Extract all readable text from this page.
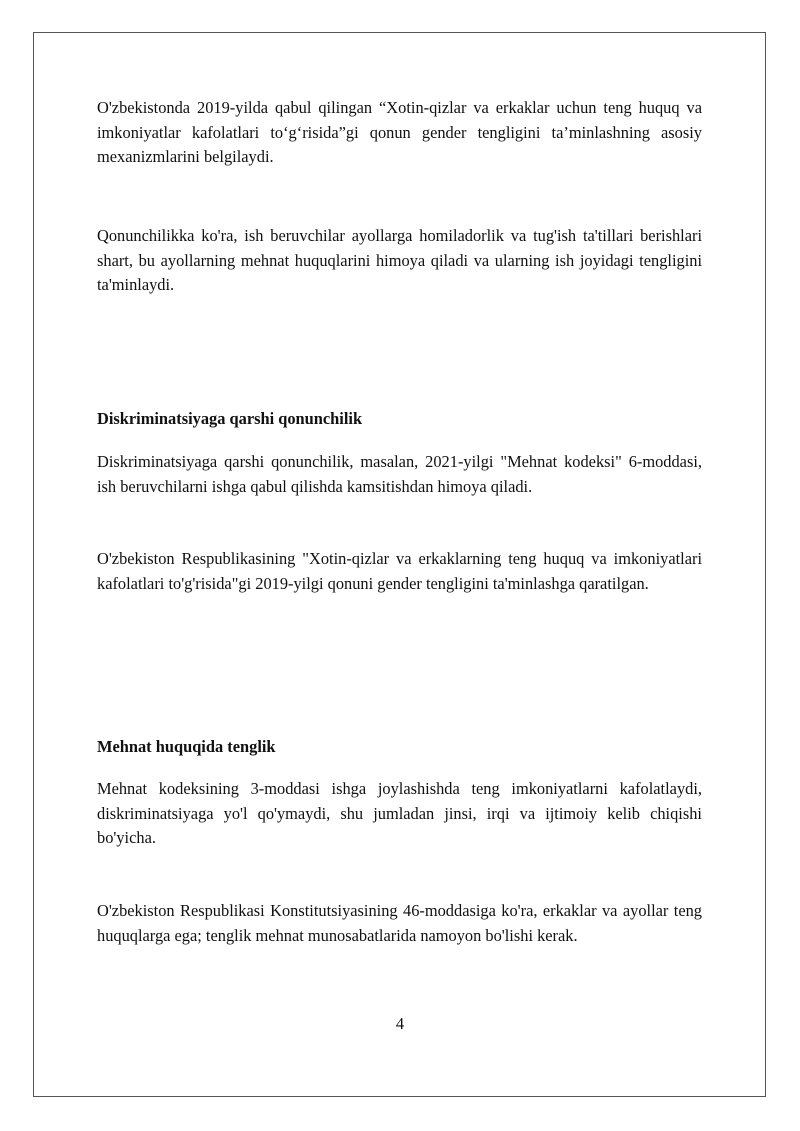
O'zbekistonda 2019-yilda qabul qilingan “Xotin-qizlar va erkaklar uchun teng huquq va imkoniyatlar kafolatlari to‘g‘risida”gi qonun gender tengligini ta’minlashning asosiy mexanizmlarini belgilaydi.

Qonunchilikka ko'ra, ish beruvchilar ayollarga homiladorlik va tug'ish ta'tillari berishlari shart, bu ayollarning mehnat huquqlarini himoya qiladi va ularning ish joyidagi tengligini ta'minlaydi.

Diskriminatsiyaga qarshi qonunchilik

Diskriminatsiyaga qarshi qonunchilik, masalan, 2021-yilgi "Mehnat kodeksi" 6-moddasi, ish beruvchilarni ishga qabul qilishda kamsitishdan himoya qiladi.

O'zbekiston Respublikasining "Xotin-qizlar va erkaklarning teng huquq va imkoniyatlari kafolatlari to'g'risida"gi 2019-yilgi qonuni gender tengligini ta'minlashga qaratilgan.

Mehnat huquqida tenglik

Mehnat kodeksining 3-moddasi ishga joylashishda teng imkoniyatlarni kafolatlaydi, diskriminatsiyaga yo'l qo'ymaydi, shu jumladan jinsi, irqi va ijtimoiy kelib chiqishi bo'yicha.

O'zbekiston Respublikasi Konstitutsiyasining 46-moddasiga ko'ra, erkaklar va ayollar teng huquqlarga ega; tenglik mehnat munosabatlarida namoyon bo'lishi kerak.

4
